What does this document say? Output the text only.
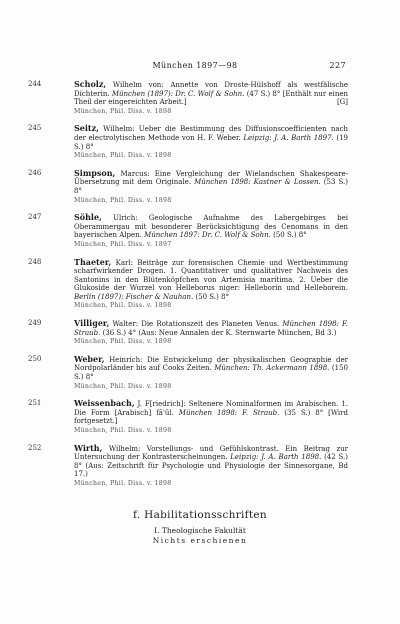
München 1897—98	227
244	Scholz, Wilhelm von: Annette von Droste-Hülshoff als westfälische Dichterin. München (1897): Dr. C. Wolf & Sohn. (47 S.) 8° [Enthält nur einen Theil der eingereichten Arbeit.]	[G]
München, Phil. Diss. v. 1898
245	Seitz, Wilhelm: Ueber die Bestimmung des Diffusionscoefficienten nach der electrolytischen Methode von H. F. Weber. Leipzig: J. A. Barth 1897. (19 S.) 8°
München, Phil. Diss. v. 1898
246	Simpson, Marcus: Eine Vergleichung der Wielandschen Shakespeare-Übersetzung mit dem Originale. München 1898: Kastner & Lossen. (53 S.) 8°
München, Phil. Diss. v. 1898
247	Söhle, Ulrich: Geologische Aufnahme des Labergebirges bei Oberammergau mit besonderer Berücksichtigung des Cenomans in den bayerischen Alpen. München 1897: Dr. C. Wolf & Sohn. (50 S.) 8°
München, Phil. Diss. v. 1897
248	Thaeter, Karl: Beiträge zur forensischen Chemie und Wertbestimmung scharfwirkender Drogen. 1. Quantitativer und qualitativer Nachweis des Santonins in den Blütenköpfchen von Artemisia maritima. 2. Ueber die Glukoside der Wurzel von Helleborus niger: Helleborin und Helleborein. Berlin (1897): Fischer & Nauhan. (50 S.) 8°
München, Phil. Diss. v. 1898
249	Villiger, Walter: Die Rotationszeit des Planeten Venus. München 1898: F. Straub. (36 S.) 4° (Aus: Neue Annalen der K. Sternwarte München, Bd 3.)
München, Phil. Diss. v. 1898
250	Weber, Heinrich: Die Entwickelung der physikalischen Geographie der Nordpolarländer bis auf Cooks Zeiten. München: Th. Ackermann 1898. (150 S.) 8°
München, Phil. Diss. v. 1898
251	Weissenbach, J. F[riedrich]: Seltenere Nominalformen im Arabischen. 1. Die Form [Arabisch] fâ'ûl. München 1898: F. Straub. (35 S.) 8° [Wird fortgesetzt.]
München, Phil. Diss. v. 1898
252	Wirth, Wilhelm: Vorstellungs- und Gefühlskontrast. Ein Beitrag zur Untersuchung der Kontrasterscheinungen. Leipzig: J. A. Barth 1898. (42 S.) 8° (Aus: Zeitschrift für Psychologie und Physiologie der Sinnesorgane, Bd 17.)
München, Phil. Diss. v. 1898
f. Habilitationsschriften
I. Theologische Fakultät
Nichts erschienen
